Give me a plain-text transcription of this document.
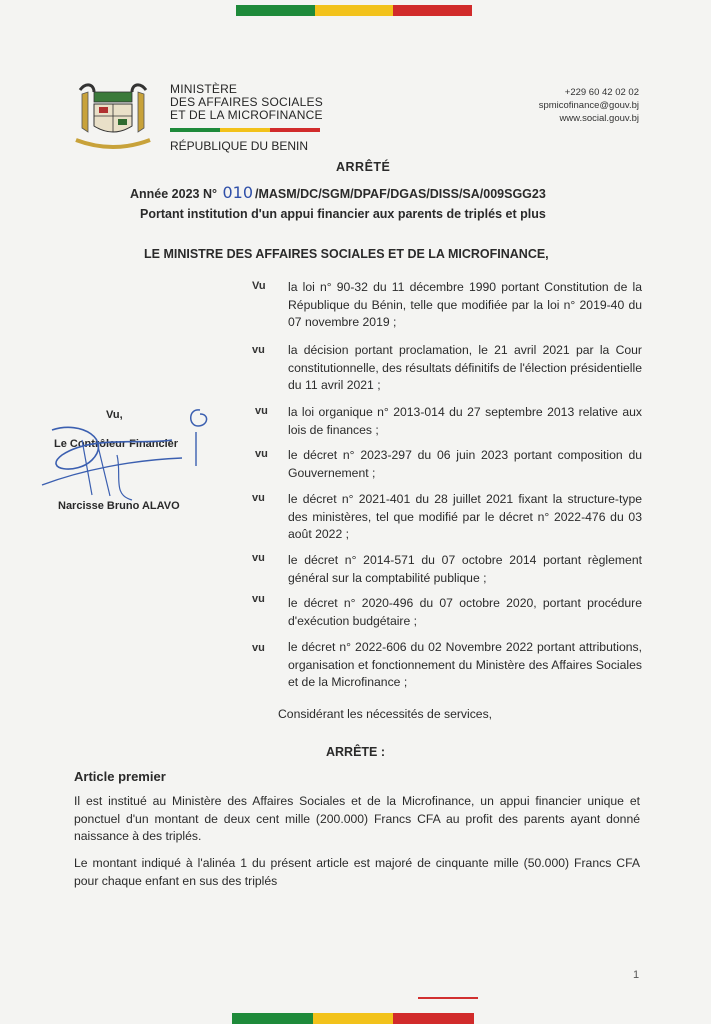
MINISTÈRE
DES AFFAIRES SOCIALES
ET DE LA MICROFINANCE
RÉPUBLIQUE DU BENIN
+229 60 42 02 02
spmicofinance@gouv.bj
www.social.gouv.bj
ARRÊTÉ
Année 2023 N° 010 /MASM/DC/SGM/DPAF/DGAS/DISS/SA/009SGG23
Portant institution d'un appui financier aux parents de triplés et plus
LE MINISTRE DES AFFAIRES SOCIALES ET DE LA MICROFINANCE,
Vu la loi n° 90-32 du 11 décembre 1990 portant Constitution de la République du Bénin, telle que modifiée par la loi n° 2019-40 du 07 novembre 2019 ;
vu la décision portant proclamation, le 21 avril 2021 par la Cour constitutionnelle, des résultats définitifs de l'élection présidentielle du 11 avril 2021 ;
vu la loi organique n° 2013-014 du 27 septembre 2013 relative aux lois de finances ;
vu le décret n° 2023-297 du 06 juin 2023 portant composition du Gouvernement ;
vu le décret n° 2021-401 du 28 juillet 2021 fixant la structure-type des ministères, tel que modifié par le décret n° 2022-476 du 03 août 2022 ;
vu le décret n° 2014-571 du 07 octobre 2014 portant règlement général sur la comptabilité publique ;
vu le décret n° 2020-496 du 07 octobre 2020, portant procédure d'exécution budgétaire ;
vu le décret n° 2022-606 du 02 Novembre 2022 portant attributions, organisation et fonctionnement du Ministère des Affaires Sociales et de la Microfinance ;
Vu,
Le Contrôleur Financier
Narcisse Bruno ALAVO
Considérant les nécessités de services,
ARRÊTE :
Article premier
Il est institué au Ministère des Affaires Sociales et de la Microfinance, un appui financier unique et ponctuel d'un montant de deux cent mille (200.000) Francs CFA au profit des parents ayant donné naissance à des triplés.
Le montant indiqué à l'alinéa 1 du présent article est majoré de cinquante mille (50.000) Francs CFA pour chaque enfant en sus des triplés
1
